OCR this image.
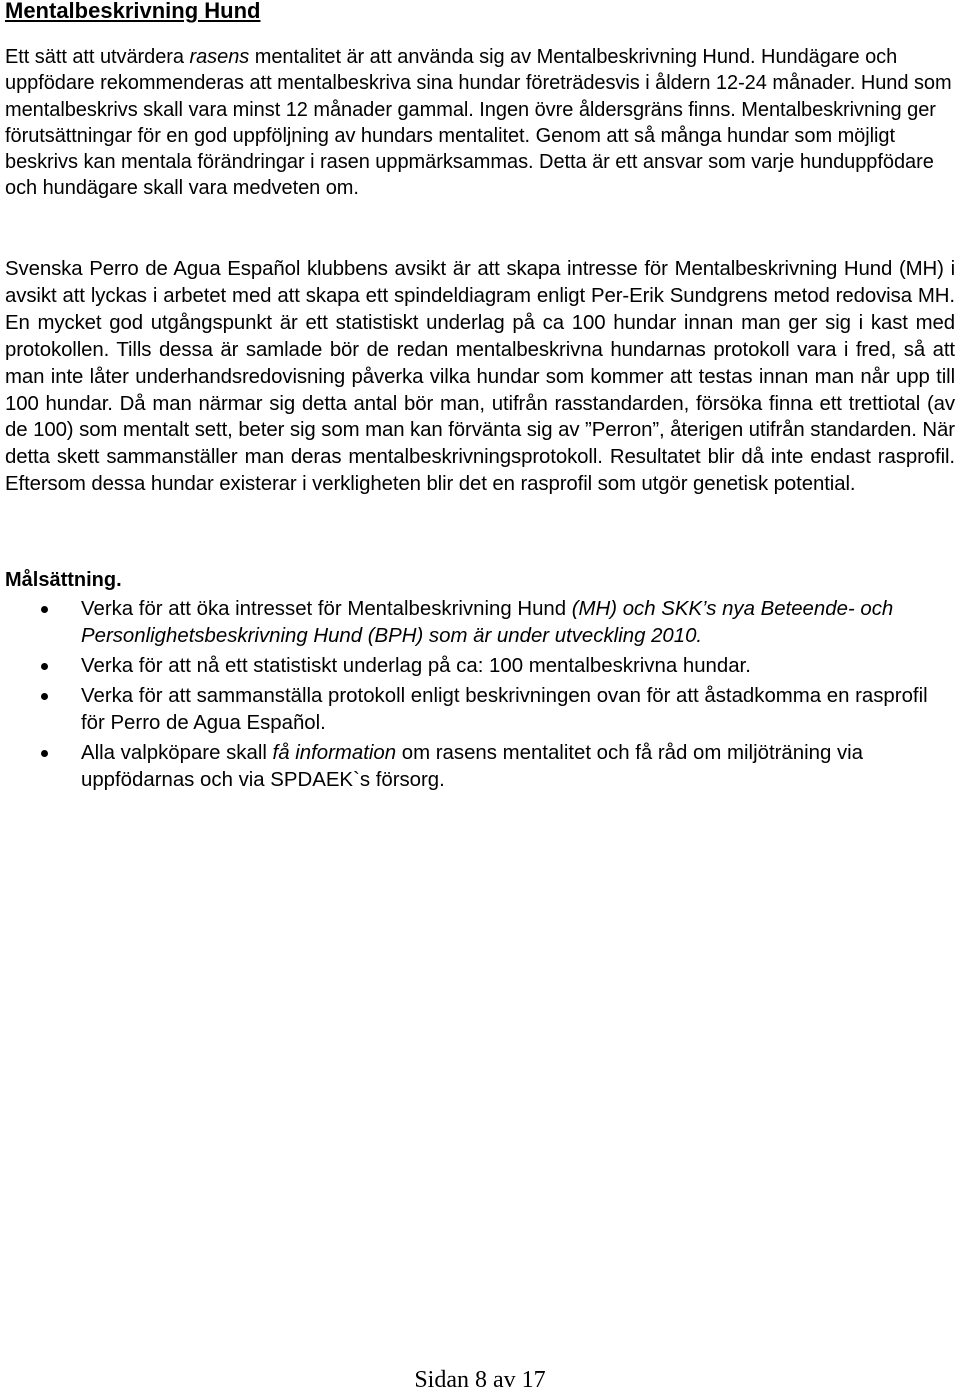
Mentalbeskrivning Hund

Ett sätt att utvärdera rasens mentalitet är att använda sig av Mentalbeskrivning Hund. Hundägare och uppfödare rekommenderas att mentalbeskriva sina hundar företrädesvis i åldern 12-24 månader. Hund som mentalbeskrivs skall vara minst 12 månader gammal. Ingen övre åldersgräns finns. Mentalbeskrivning ger förutsättningar för en god uppföljning av hundars mentalitet. Genom att så många hundar som möjligt beskrivs kan mentala förändringar i rasen uppmärksammas. Detta är ett ansvar som varje hunduppfödare och hundägare skall vara medveten om.

Svenska Perro de Agua Español klubbens avsikt är att skapa intresse för Mentalbeskrivning Hund (MH) i avsikt att lyckas i arbetet med att skapa ett spindeldiagram enligt Per-Erik Sundgrens metod redovisa MH. En mycket god utgångspunkt är ett statistiskt underlag på ca 100 hundar innan man ger sig i kast med protokollen. Tills dessa är samlade bör de redan mentalbeskrivna hundarnas protokoll vara i fred, så att man inte låter underhandsredovisning påverka vilka hundar som kommer att testas innan man når upp till 100 hundar. Då man närmar sig detta antal bör man, utifrån rasstandarden, försöka finna ett trettiotal (av de 100) som mentalt sett, beter sig som man kan förvänta sig av ”Perron”, återigen utifrån standarden. När detta skett sammanställer man deras mentalbeskrivningsprotokoll. Resultatet blir då inte endast rasprofil. Eftersom dessa hundar existerar i verkligheten blir det en rasprofil som utgör genetisk potential.

Målsättning.
Verka för att öka intresset för Mentalbeskrivning Hund (MH) och SKK’s nya Beteende- och Personlighetsbeskrivning Hund (BPH) som är under utveckling 2010.
Verka för att nå ett statistiskt underlag på ca: 100 mentalbeskrivna hundar.
Verka för att sammanställa protokoll enligt beskrivningen ovan för att åstadkomma en rasprofil för Perro de Agua Español.
Alla valpköpare skall få information om rasens mentalitet och få råd om miljöträning via uppfödarnas och via SPDAEK`s försorg.
Sidan 8 av 17
